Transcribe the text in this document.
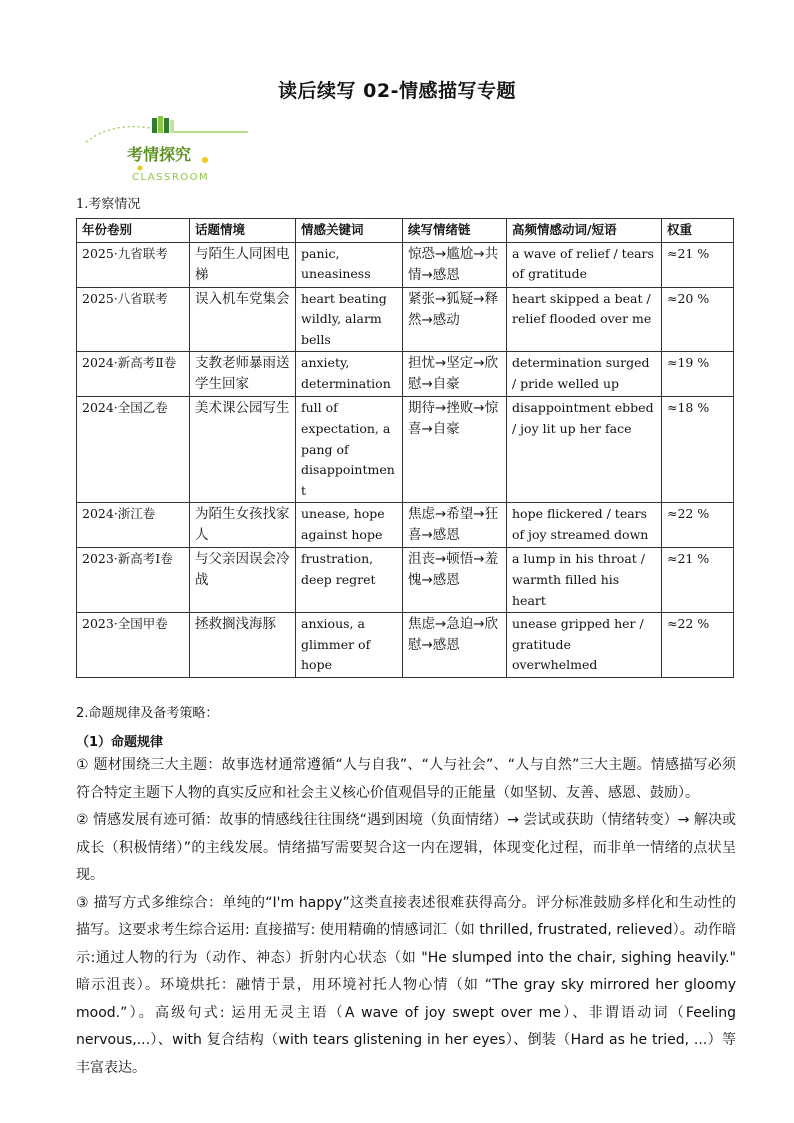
读后续写 02-情感描写专题
考情探究
CLASSROOM
1.考察情况
年份卷别	话题情境	情感关键词	续写情绪链	高频情感动词/短语	权重
2025·九省联考	与陌生人同困电梯	panic, uneasiness	惊恐→尴尬→共情→感恩	a wave of relief / tears of gratitude	≈21 %
2025·八省联考	误入机车党集会	heart beating wildly, alarm bells	紧张→狐疑→释然→感动	heart skipped a beat / relief flooded over me	≈20 %
2024·新高考Ⅱ卷	支教老师暴雨送学生回家	anxiety, determination	担忧→坚定→欣慰→自豪	determination surged / pride welled up	≈19 %
2024·全国乙卷	美术课公园写生	full of expectation, a pang of disappointment	期待→挫败→惊喜→自豪	disappointment ebbed / joy lit up her face	≈18 %
2024·浙江卷	为陌生女孩找家人	unease, hope against hope	焦虑→希望→狂喜→感恩	hope flickered / tears of joy streamed down	≈22 %
2023·新高考Ⅰ卷	与父亲因误会冷战	frustration, deep regret	沮丧→顿悟→羞愧→感恩	a lump in his throat / warmth filled his heart	≈21 %
2023·全国甲卷	拯救搁浅海豚	anxious, a glimmer of hope	焦虑→急迫→欣慰→感恩	unease gripped her / gratitude overwhelmed	≈22 %

2.命题规律及备考策略：

（1）命题规律

① 题材围绕三大主题：故事选材通常遵循“人与自我”、“人与社会”、“人与自然”三大主题。情感描写必须符合特定主题下人物的真实反应和社会主义核心价值观倡导的正能量（如坚韧、友善、感恩、鼓励）。

② 情感发展有迹可循：故事的情感线往往围绕“遇到困境（负面情绪）→ 尝试或获助（情绪转变）→ 解决或成长（积极情绪）”的主线发展。情绪描写需要契合这一内在逻辑，体现变化过程，而非单一情绪的点状呈现。

③ 描写方式多维综合：单纯的“I'm happy”这类直接表述很难获得高分。评分标准鼓励多样化和生动性的描写。这要求考生综合运用: 直接描写: 使用精确的情感词汇（如 thrilled, frustrated, relieved）。动作暗示:通过人物的行为（动作、神态）折射内心状态（如 "He slumped into the chair, sighing heavily." 暗示沮丧）。环境烘托：融情于景，用环境衬托人物心情（如 “The gray sky mirrored her gloomy mood.”）。高级句式: 运用无灵主语（A wave of joy swept over me）、非谓语动词（Feeling nervous,...）、with 复合结构（with tears glistening in her eyes）、倒装（Hard as he tried, ...）等丰富表达。
